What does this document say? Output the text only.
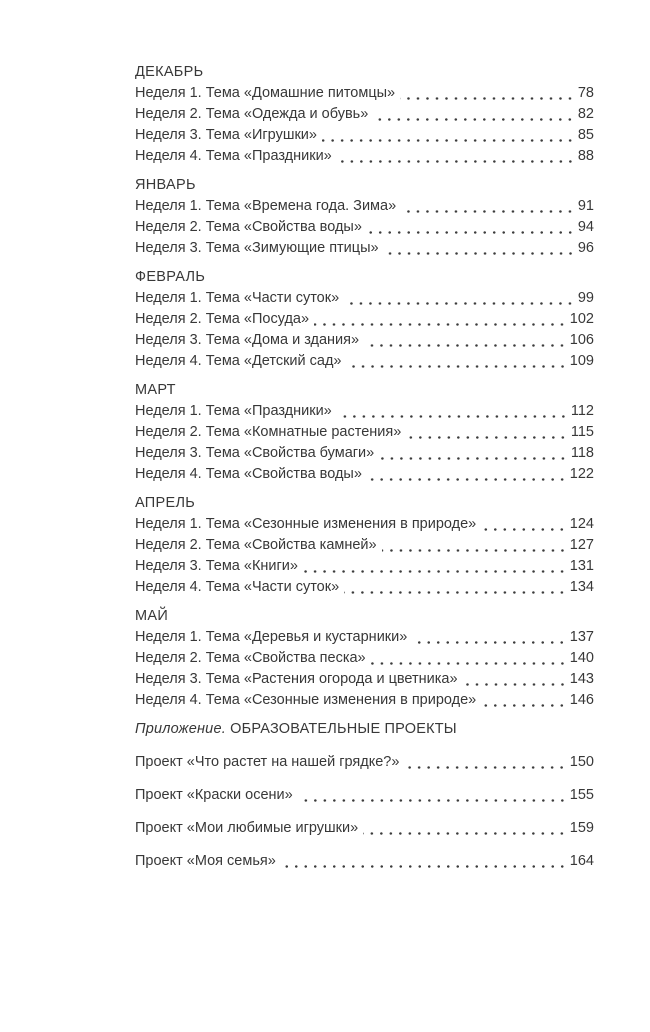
ДЕКАБРЬ
Неделя 1. Тема «Домашние питомцы»	78
Неделя 2. Тема «Одежда и обувь»	82
Неделя 3. Тема «Игрушки»	85
Неделя 4. Тема «Праздники»	88
ЯНВАРЬ
Неделя 1. Тема «Времена года. Зима»	91
Неделя 2. Тема «Свойства воды»	94
Неделя 3. Тема «Зимующие птицы»	96
ФЕВРАЛЬ
Неделя 1. Тема «Части суток»	99
Неделя 2. Тема «Посуда»	102
Неделя 3. Тема «Дома и здания»	106
Неделя 4. Тема «Детский сад»	109
МАРТ
Неделя 1. Тема «Праздники»	112
Неделя 2. Тема «Комнатные растения»	115
Неделя 3. Тема «Свойства бумаги»	118
Неделя 4. Тема «Свойства воды»	122
АПРЕЛЬ
Неделя 1. Тема «Сезонные изменения в природе»	124
Неделя 2. Тема «Свойства камней»	127
Неделя 3. Тема «Книги»	131
Неделя 4. Тема «Части суток»	134
МАЙ
Неделя 1. Тема «Деревья и кустарники»	137
Неделя 2. Тема «Свойства песка»	140
Неделя 3. Тема «Растения огорода и цветника»	143
Неделя 4. Тема «Сезонные изменения в природе»	146
Приложение. ОБРАЗОВАТЕЛЬНЫЕ ПРОЕКТЫ
Проект «Что растет на нашей грядке?»	150
Проект «Краски осени»	155
Проект «Мои любимые игрушки»	159
Проект «Моя семья»	164
